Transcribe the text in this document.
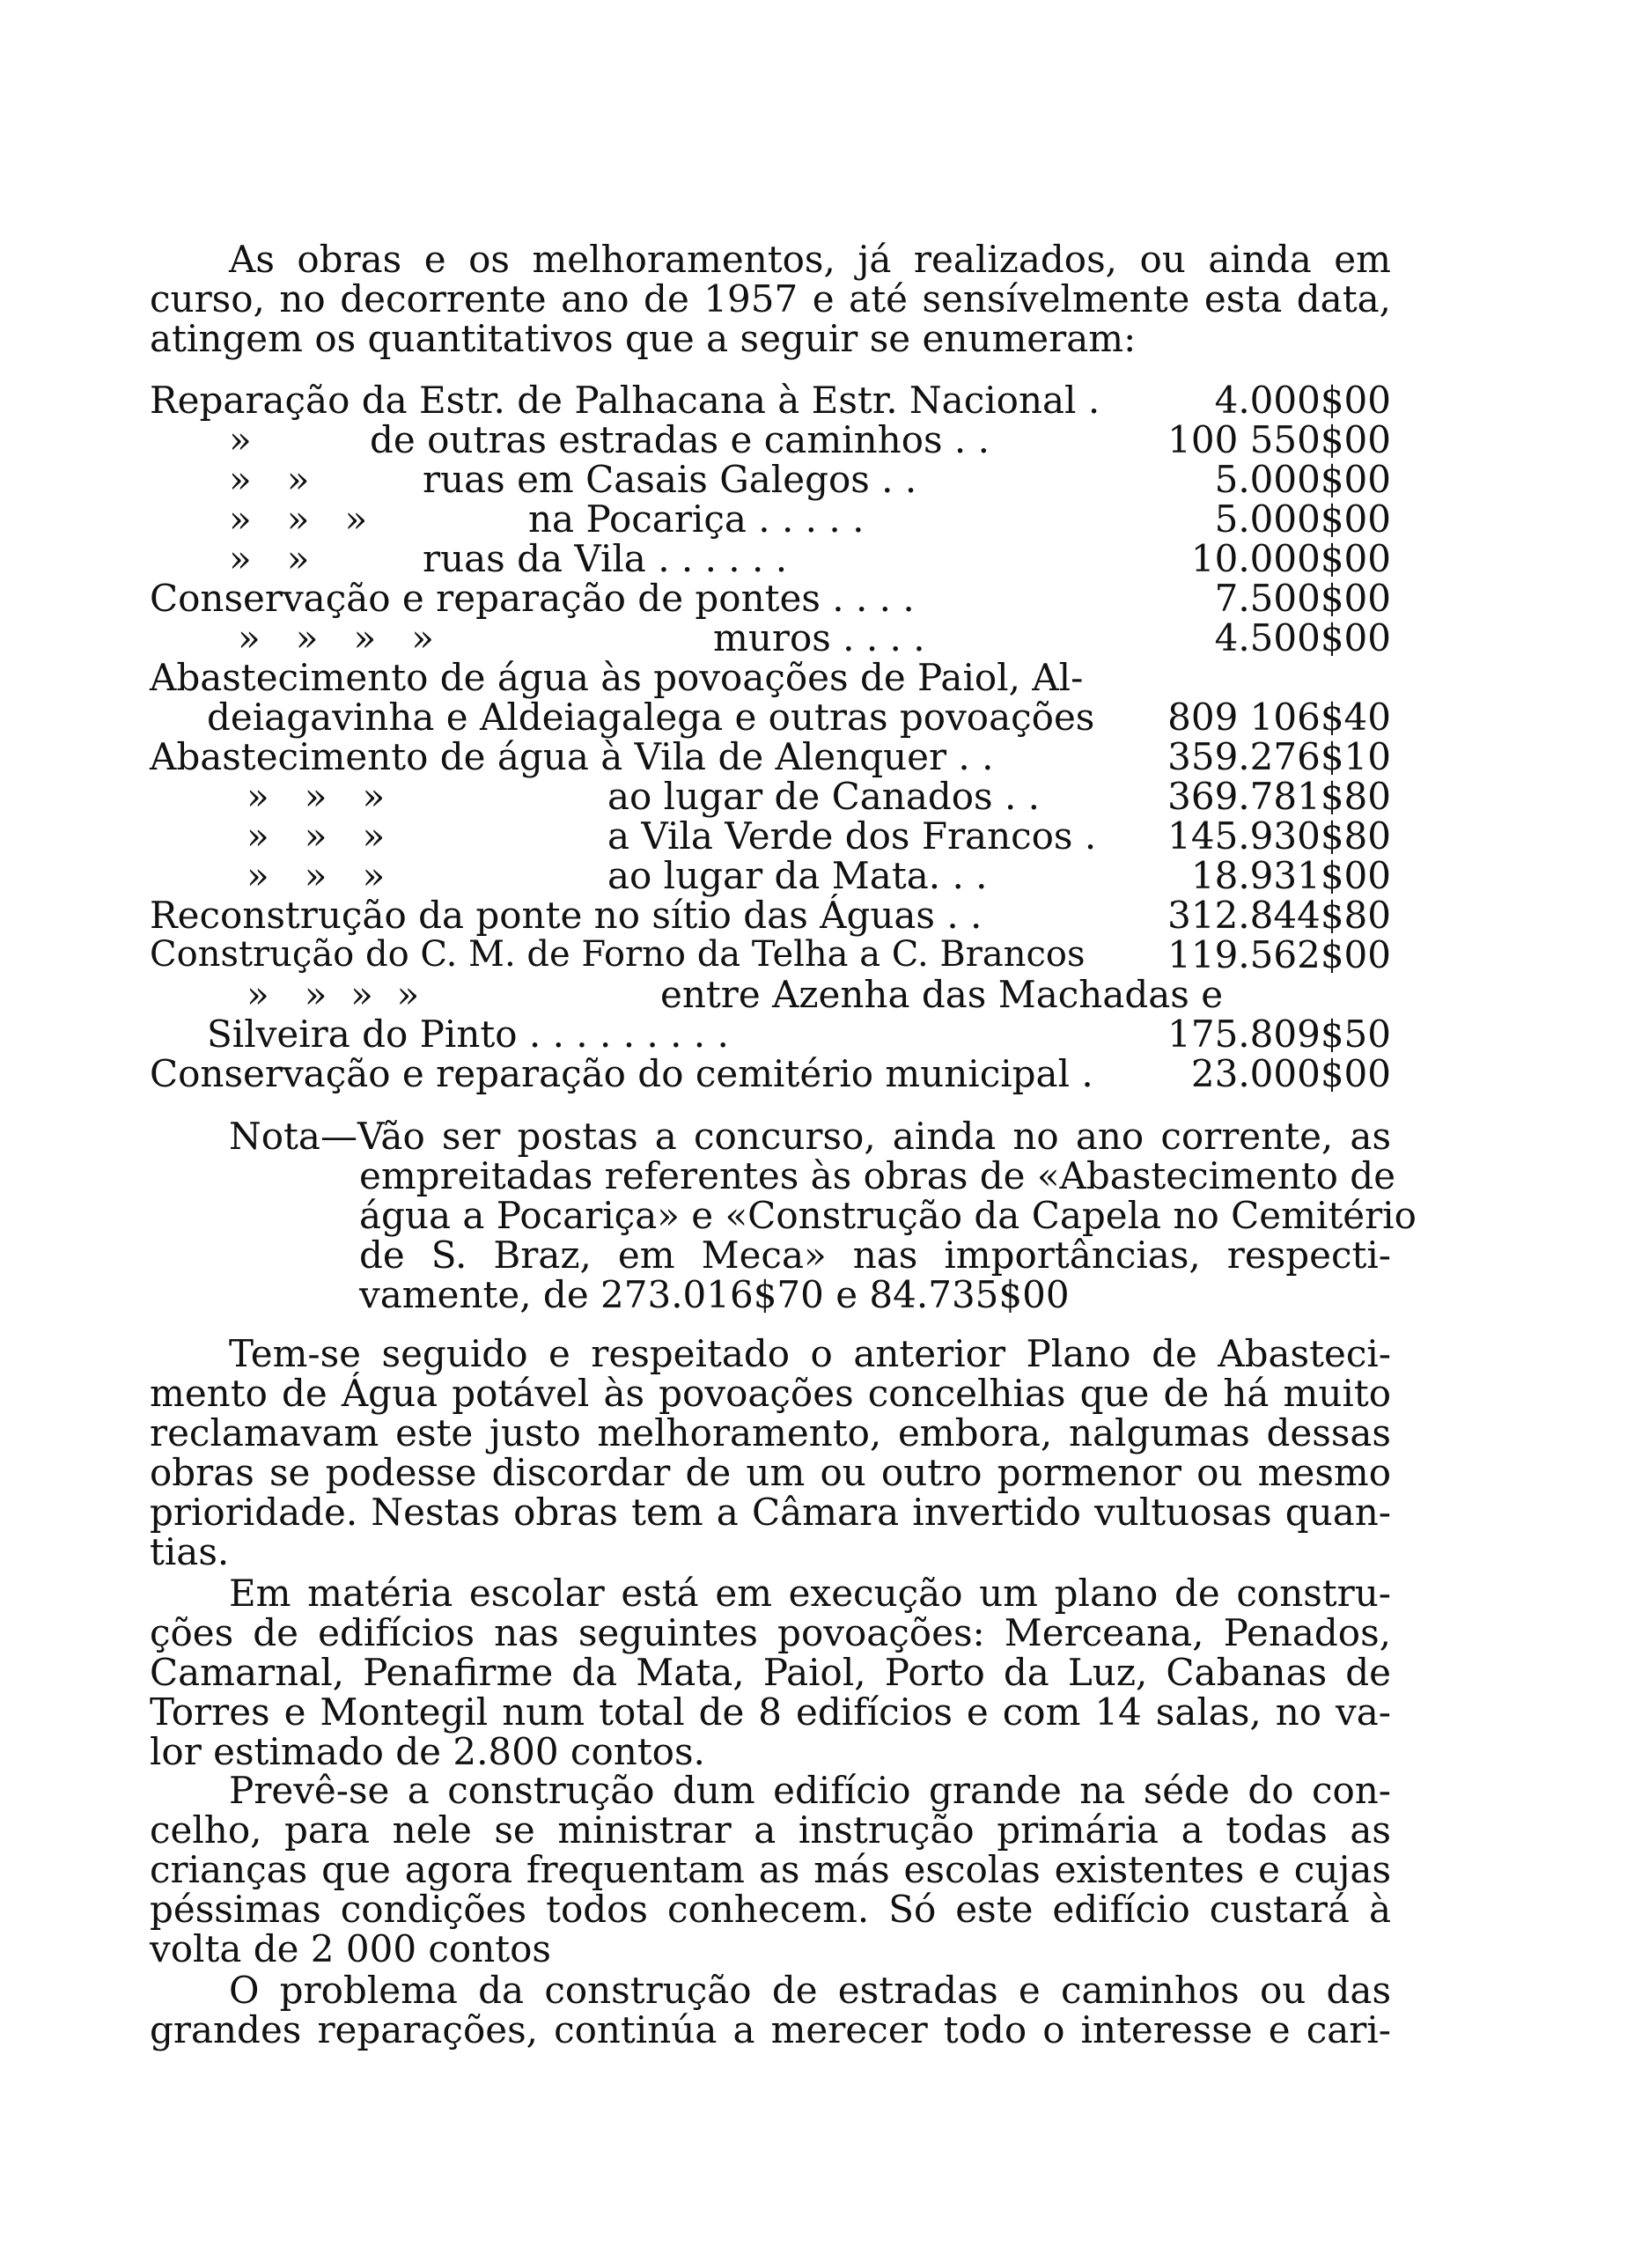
As obras e os melhoramentos, já realizados, ou ainda em
curso, no decorrente ano de 1957 e até sensívelmente esta data,
atingem os quantitativos que a seguir se enumeram:
Reparação da Estr. de Palhacana à Estr. Nacional .	4.000$00
»	de outras estradas e caminhos . .	100 550$00
»   »	ruas em Casais Galegos . .	5.000$00
»   »   »	na Pocariça . . . . .	5.000$00
»   »	ruas da Vila . . . . . .	10.000$00
Conservação e reparação de pontes . . . .	7.500$00
»   »   »   »	muros . . . .	4.500$00
Abastecimento de água às povoações de Paiol, Al-
deiagavinha e Aldeiagalega e outras povoações 809 106$40
Abastecimento de água à Vila de Alenquer . .	359.276$10
»   »   »	ao lugar de Canados . .	369.781$80
»   »   »	a Vila Verde dos Francos . 145.930$80
»   »   »	ao lugar da Mata. . .	18.931$00
Reconstrução da ponte no sítio das Águas . .	312.844$80
Construção do C. M. de Forno da Telha a C. Brancos 119.562$00
»   »  »  »	entre Azenha das Machadas e
Silveira do Pinto . . . . . . . . .	175.809$50
Conservação e reparação do cemitério municipal .	23.000$00
Nota—Vão ser postas a concurso, ainda no ano corrente, as
empreitadas referentes às obras de «Abastecimento de
água a Pocariça» e «Construção da Capela no Cemitério
de S. Braz, em Meca» nas importâncias, respecti-
vamente, de 273.016$70 e 84.735$00
Tem-se seguido e respeitado o anterior Plano de Abasteci-
mento de Água potável às povoações concelhias que de há muito
reclamavam este justo melhoramento, embora, nalgumas dessas
obras se podesse discordar de um ou outro pormenor ou mesmo
prioridade. Nestas obras tem a Câmara invertido vultuosas quan-
tias.
Em matéria escolar está em execução um plano de constru-
ções de edifícios nas seguintes povoações: Merceana, Penados,
Camarnal, Penafirme da Mata, Paiol, Porto da Luz, Cabanas de
Torres e Montegil num total de 8 edifícios e com 14 salas, no va-
lor estimado de 2.800 contos.
Prevê-se a construção dum edifício grande na séde do con-
celho, para nele se ministrar a instrução primária a todas as
crianças que agora frequentam as más escolas existentes e cujas
péssimas condições todos conhecem. Só este edifício custará à
volta de 2 000 contos
O problema da construção de estradas e caminhos ou das
grandes reparações, continúa a merecer todo o interesse e cari-
